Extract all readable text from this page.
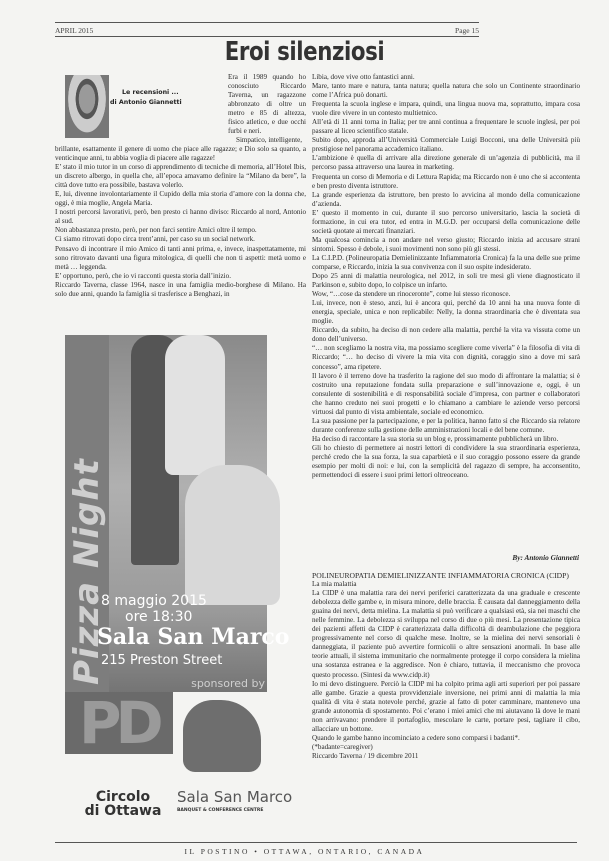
APRIL 2015	Page 15
Eroi silenziosi
Le recensioni ...
di Antonio Giannetti

Era il 1989 quando ho conosciuto Riccardo Taverna, un ragazzone abbronzato di oltre un metro e 85 di altezza, fisico atletico, e due occhi furbi e neri.

Simpatico, intelligente,

brillante, esattamente il genere di uomo che piace alle ragazze; e Dio solo sa quanto, a venticinque anni, tu abbia voglia di piacere alle ragazze!

E’ stato il mio tutor in un corso di apprendimento di tecniche di memoria, all’Hotel Ibis, un discreto albergo, in quella che, all’epoca amavamo definire la “Milano da bere”, la città dove tutto era possibile, bastava volerlo.

E, lui, divenne involontariamente il Cupido della mia storia d’amore con la donna che, oggi, è mia moglie, Angela Maria.

I nostri percorsi lavorativi, però, ben presto ci hanno diviso: Riccardo al nord, Antonio al sud.

Non abbastanza presto, però, per non farci sentire Amici oltre il tempo.

Ci siamo ritrovati dopo circa trent’anni, per caso su un social network.

Pensavo di incontrare il mio Amico di tanti anni prima, e, invece, inaspettatamente, mi sono ritrovato davanti una figura mitologica, di quelli che non ti aspetti: metà uomo e metà … leggenda.

E’ opportuno, però, che io vi racconti questa storia dall’inizio.

Riccardo Taverna, classe 1964, nasce in una famiglia medio-borghese di Milano. Ha solo due anni, quando la famiglia si trasferisce a Benghazi, in

Pizza Night
8 maggio 2015
ore 18:30
Sala San Marco
215 Preston Street
sponsored by
PD
Circolo
di Ottawa
Sala San Marco
BANQUET & CONFERENCE CENTRE

Libia, dove vive otto fantastici anni.

Mare, tanto mare e natura, tanta natura; quella natura che solo un Continente straordinario come l’Africa può donarti.

Frequenta la scuola inglese e impara, quindi, una lingua nuova ma, soprattutto, impara cosa vuole dire vivere in un contesto multietnico.

All’età di 11 anni torna in Italia; per tre anni continua a frequentare le scuole inglesi, per poi passare al liceo scientifico statale.

Subito dopo, approda all’Università Commerciale Luigi Bocconi, una delle Università più prestigiose nel panorama accademico italiano.

L’ambizione è quella di arrivare alla direzione generale di un’agenzia di pubblicità, ma il percorso passa attraverso una laurea in marketing.

Frequenta un corso di Memoria e di Lettura Rapida; ma Riccardo non è uno che si accontenta e ben presto diventa istruttore.

La grande esperienza da istruttore, ben presto lo avvicina al mondo della comunicazione d’azienda.

E’ questo il momento in cui, durante il suo percorso universitario, lascia la società di formazione, in cui era tutor, ed entra in M.G.D. per occuparsi della comunicazione delle società quotate ai mercati finanziari.

Ma qualcosa comincia a non andare nel verso giusto; Riccardo inizia ad accusare strani sintomi. Spesso è debole, i suoi movimenti non sono più gli stessi.

La C.I.P.D. (Polineuropatia Demielinizzante Infiammatoria Cronica) fa la una delle sue prime comparse, e Riccardo, inizia la sua convivenza con il suo ospite indesiderato.

Dopo 25 anni di malattia neurologica, nel 2012, in soli tre mesi gli viene diagnosticato il Parkinson e, subito dopo, lo colpisce un infarto.

Wow, “…cose da stendere un rinoceronte”, come lui stesso riconosce.

Lui, invece, non è steso, anzi, lui è ancora qui, perché da 10 anni ha una nuova fonte di energia, speciale, unica e non replicabile: Nelly, la donna straordinaria che è diventata sua moglie.

Riccardo, da subito, ha deciso di non cedere alla malattia, perché la vita va vissuta come un dono dell’universo.

“… non scegliamo la nostra vita, ma possiamo scegliere come viverla” è la filosofia di vita di Riccardo; “… ho deciso di vivere la mia vita con dignità, coraggio sino a dove mi sarà concesso”, ama ripetere.

Il lavoro è il terreno dove ha trasferito la ragione del suo modo di affrontare la malattia; si è costruito una reputazione fondata sulla preparazione e sull’innovazione e, oggi, è un consulente di sostenibilità e di responsabilità sociale d’impresa, con partner e collaboratori che hanno creduto nei suoi progetti e lo chiamano a cambiare le aziende verso percorsi virtuosi dal punto di vista ambientale, sociale ed economico.

La sua passione per la partecipazione, e per la politica, hanno fatto sì che Riccardo sia relatore durante conferenze sulla gestione delle amministrazioni locali e del bene comune.

Ha deciso di raccontare la sua storia su un blog e, prossimamente pubblicherà un libro.

Gli ho chiesto di permettere ai nostri lettori di condividere la sua straordinaria esperienza, perché credo che la sua forza, la sua caparbietà e il suo coraggio possono essere da grande esempio per molti di noi: e lui, con la semplicità del ragazzo di sempre, ha acconsentito, permettendoci di essere i suoi primi lettori oltreoceano.

By: Antonio Giannetti

POLINEUROPATIA DEMIELINIZZANTE INFIAMMATORIA CRONICA (CIDP)

La mia malattia

La CIDP è una malattia rara dei nervi periferici caratterizzata da una graduale e crescente debolezza delle gambe e, in misura minore, delle braccia. È causata dal danneggiamento della guaina dei nervi, detta mielina. La malattia si può verificare a qualsiasi età, sia nei maschi che nelle femmine. La debolezza si sviluppa nel corso di due o più mesi. La presentazione tipica dei pazienti affetti da CIDP è caratterizzata dalla difficoltà di deambulazione che peggiora progressivamente nel corso di qualche mese. Inoltre, se la mielina dei nervi sensoriali è danneggiata, il paziente può avvertire formicolii o altre sensazioni anormali. In base alle teorie attuali, il sistema immunitario che normalmente protegge il corpo considera la mielina una sostanza estranea e la aggredisce. Non è chiaro, tuttavia, il meccanismo che provoca questo processo. (Sintesi da www.cidp.it)

Io mi devo distinguere. Perciò la CIDP mi ha colpito prima agli arti superiori per poi passare alle gambe. Grazie a questa provvidenziale inversione, nei primi anni di malattia la mia qualità di vita è stata notevole perché, grazie al fatto di poter camminare, mantenevo una grande autonomia di spostamento. Poi c’erano i miei amici che mi aiutavano là dove le mani non arrivavano: prendere il portafoglio, mescolare le carte, portare pesi, tagliare il cibo, allacciare un bottone.

Quando le gambe hanno incominciato a cedere sono comparsi i badanti*.

(*badante=caregiver)

Riccardo Taverna / 19 dicembre 2011

IL POSTINO • OTTAWA, ONTARIO, CANADA
